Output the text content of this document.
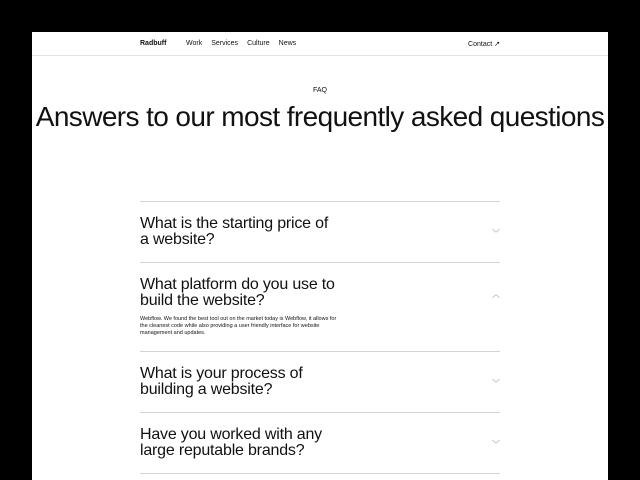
Radbuff	Work Services Culture News	Contact ↗
FAQ
Answers to our most frequently asked questions
What is the starting price of a website?	﹀
What platform do you use to build the website?
Webflow. We found the best tool out on the market today is Webflow, it allows for the cleanest code while also providing a user friendly interface for website management and updates.
︿
What is your process of building a website?	﹀
Have you worked with any large reputable brands?	﹀
